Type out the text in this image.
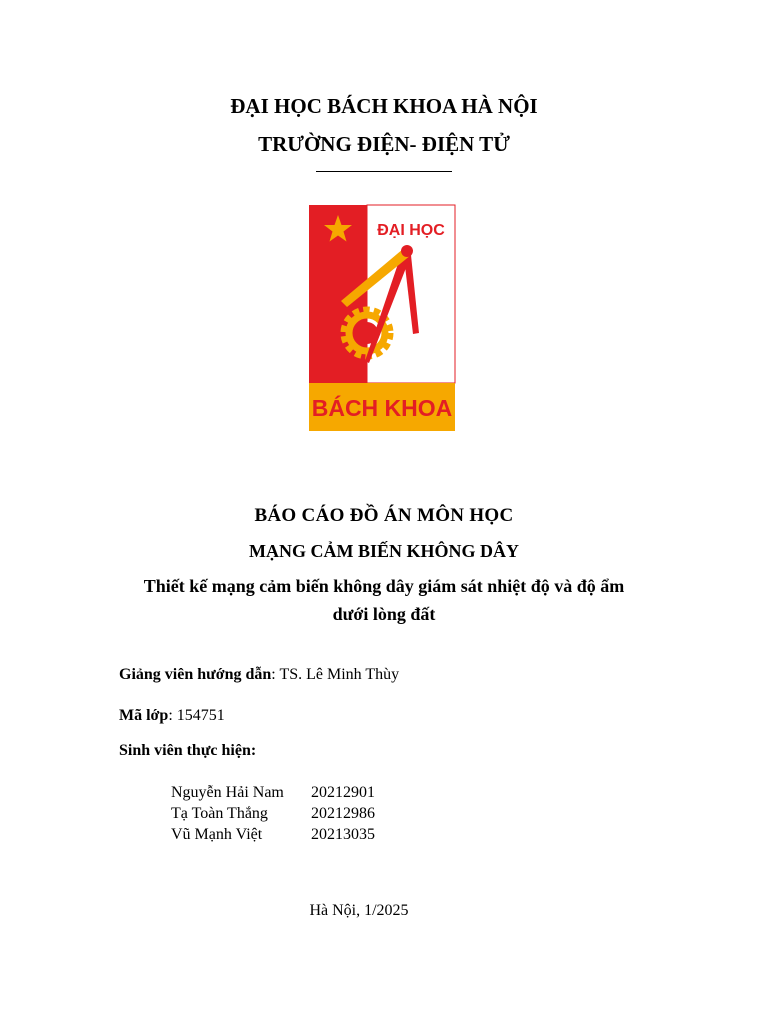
ĐẠI HỌC BÁCH KHOA HÀ NỘI
TRƯỜNG ĐIỆN- ĐIỆN TỬ
ĐẠI HỌC
BÁCH KHOA
BÁO CÁO ĐỒ ÁN MÔN HỌC
MẠNG CẢM BIẾN KHÔNG DÂY
Thiết kế mạng cảm biến không dây giám sát nhiệt độ và độ ẩm
dưới lòng đất
Giảng viên hướng dẫn: TS. Lê Minh Thùy
Mã lớp: 154751
Sinh viên thực hiện:
Nguyễn Hải Nam 20212901
Tạ Toàn Thắng	20212986
Vũ Mạnh Việt	20213035
Hà Nội, 1/2025
